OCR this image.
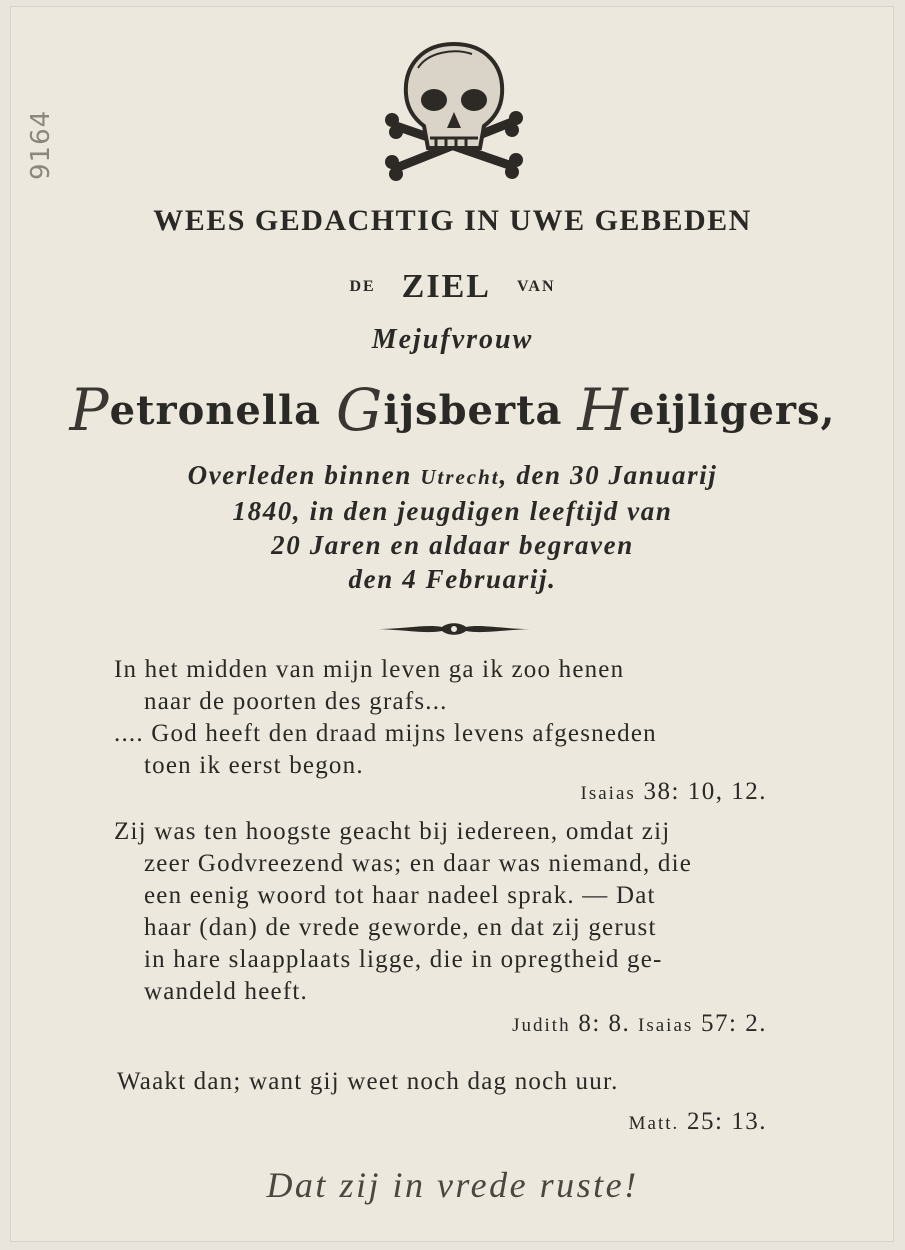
9164
WEES GEDACHTIG IN UWE GEBEDEN
DE ZIEL VAN
Mejufvrouw
Petronella Gijsberta Heijligers,
Overleden binnen Utrecht, den 30 Januarij
1840, in den jeugdigen leeftijd van
20 Jaren en aldaar begraven
den 4 Februarij.

In het midden van mijn leven ga ik zoo henen

naar de poorten des grafs...

.... God heeft den draad mijns levens afgesneden

toen ik eerst begon.

Isaias 38: 10, 12.

Zij was ten hoogste geacht bij iedereen, omdat zij

zeer Godvreezend was; en daar was niemand, die

een eenig woord tot haar nadeel sprak. — Dat

haar (dan) de vrede geworde, en dat zij gerust

in hare slaapplaats ligge, die in opregtheid ge-

wandeld heeft.

Judith 8: 8. Isaias 57: 2.

Waakt dan; want gij weet noch dag noch uur.

Matt. 25: 13.
Dat zij in vrede ruste!
